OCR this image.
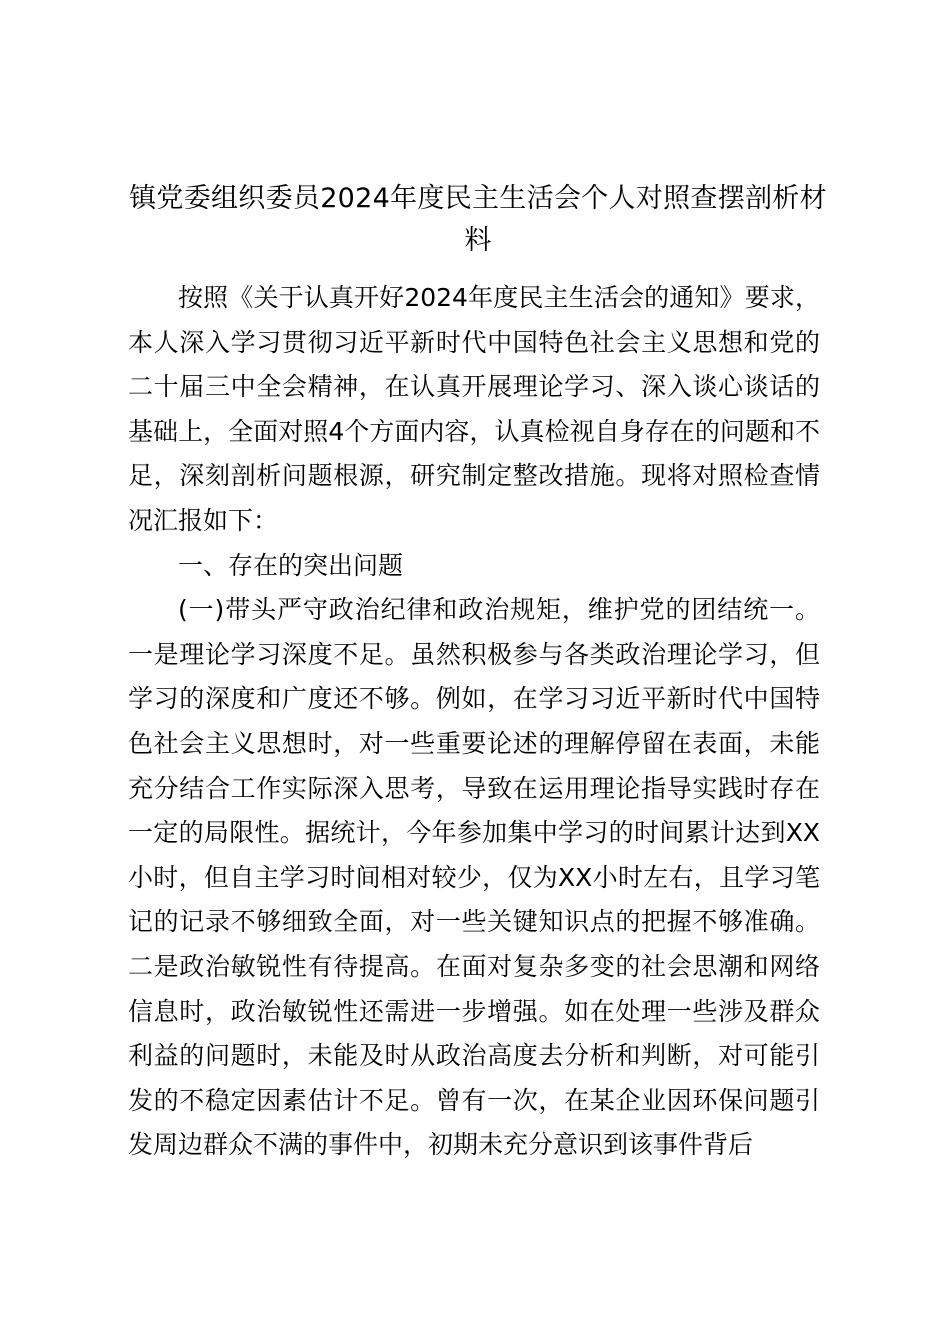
镇党委组织委员2024年度民主生活会个人对照查摆剖析材料

按照《关于认真开好2024年度民主生活会的通知》要求，本人深入学习贯彻习近平新时代中国特色社会主义思想和党的二十届三中全会精神，在认真开展理论学习、深入谈心谈话的基础上，全面对照4个方面内容，认真检视自身存在的问题和不足，深刻剖析问题根源，研究制定整改措施。现将对照检查情况汇报如下：

一、存在的突出问题

(一)带头严守政治纪律和政治规矩，维护党的团结统一。一是理论学习深度不足。虽然积极参与各类政治理论学习，但学习的深度和广度还不够。例如，在学习习近平新时代中国特色社会主义思想时，对一些重要论述的理解停留在表面，未能充分结合工作实际深入思考，导致在运用理论指导实践时存在一定的局限性。据统计，今年参加集中学习的时间累计达到XX小时，但自主学习时间相对较少，仅为XX小时左右，且学习笔记的记录不够细致全面，对一些关键知识点的把握不够准确。二是政治敏锐性有待提高。在面对复杂多变的社会思潮和网络信息时，政治敏锐性还需进一步增强。如在处理一些涉及群众利益的问题时，未能及时从政治高度去分析和判断，对可能引发的不稳定因素估计不足。曾有一次，在某企业因环保问题引发周边群众不满的事件中，初期未充分意识到该事件背后
